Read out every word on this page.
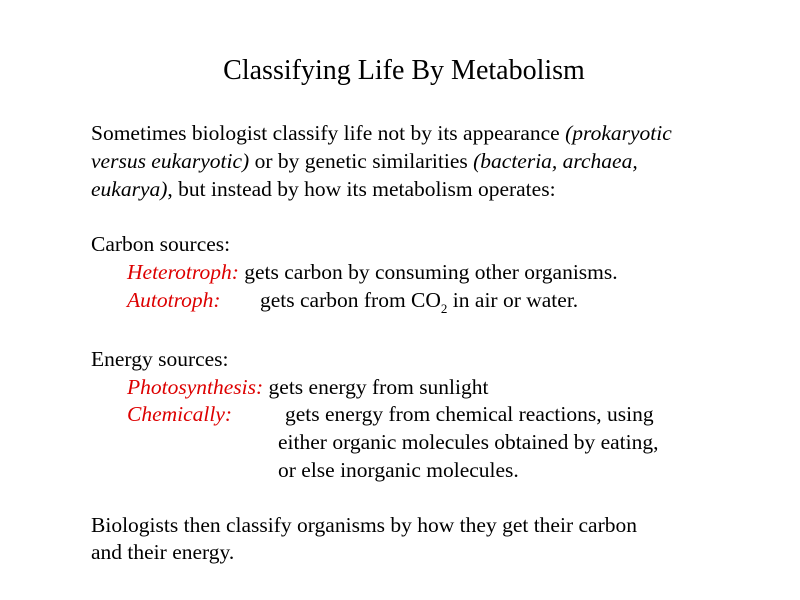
Classifying Life By Metabolism
Sometimes biologist classify life not by its appearance (prokaryotic
versus eukaryotic) or by genetic similarities (bacteria, archaea,
eukarya), but instead by how its metabolism operates:
Carbon sources:
Heterotroph: gets carbon by consuming other organisms.
Autotroph: gets carbon from $CO_2$ in air or water.
Energy sources:
Photosynthesis: gets energy from sunlight
Chemically: gets energy from chemical reactions, using
either organic molecules obtained by eating,
or else inorganic molecules.
Biologists then classify organisms by how they get their carbon
and their energy.
